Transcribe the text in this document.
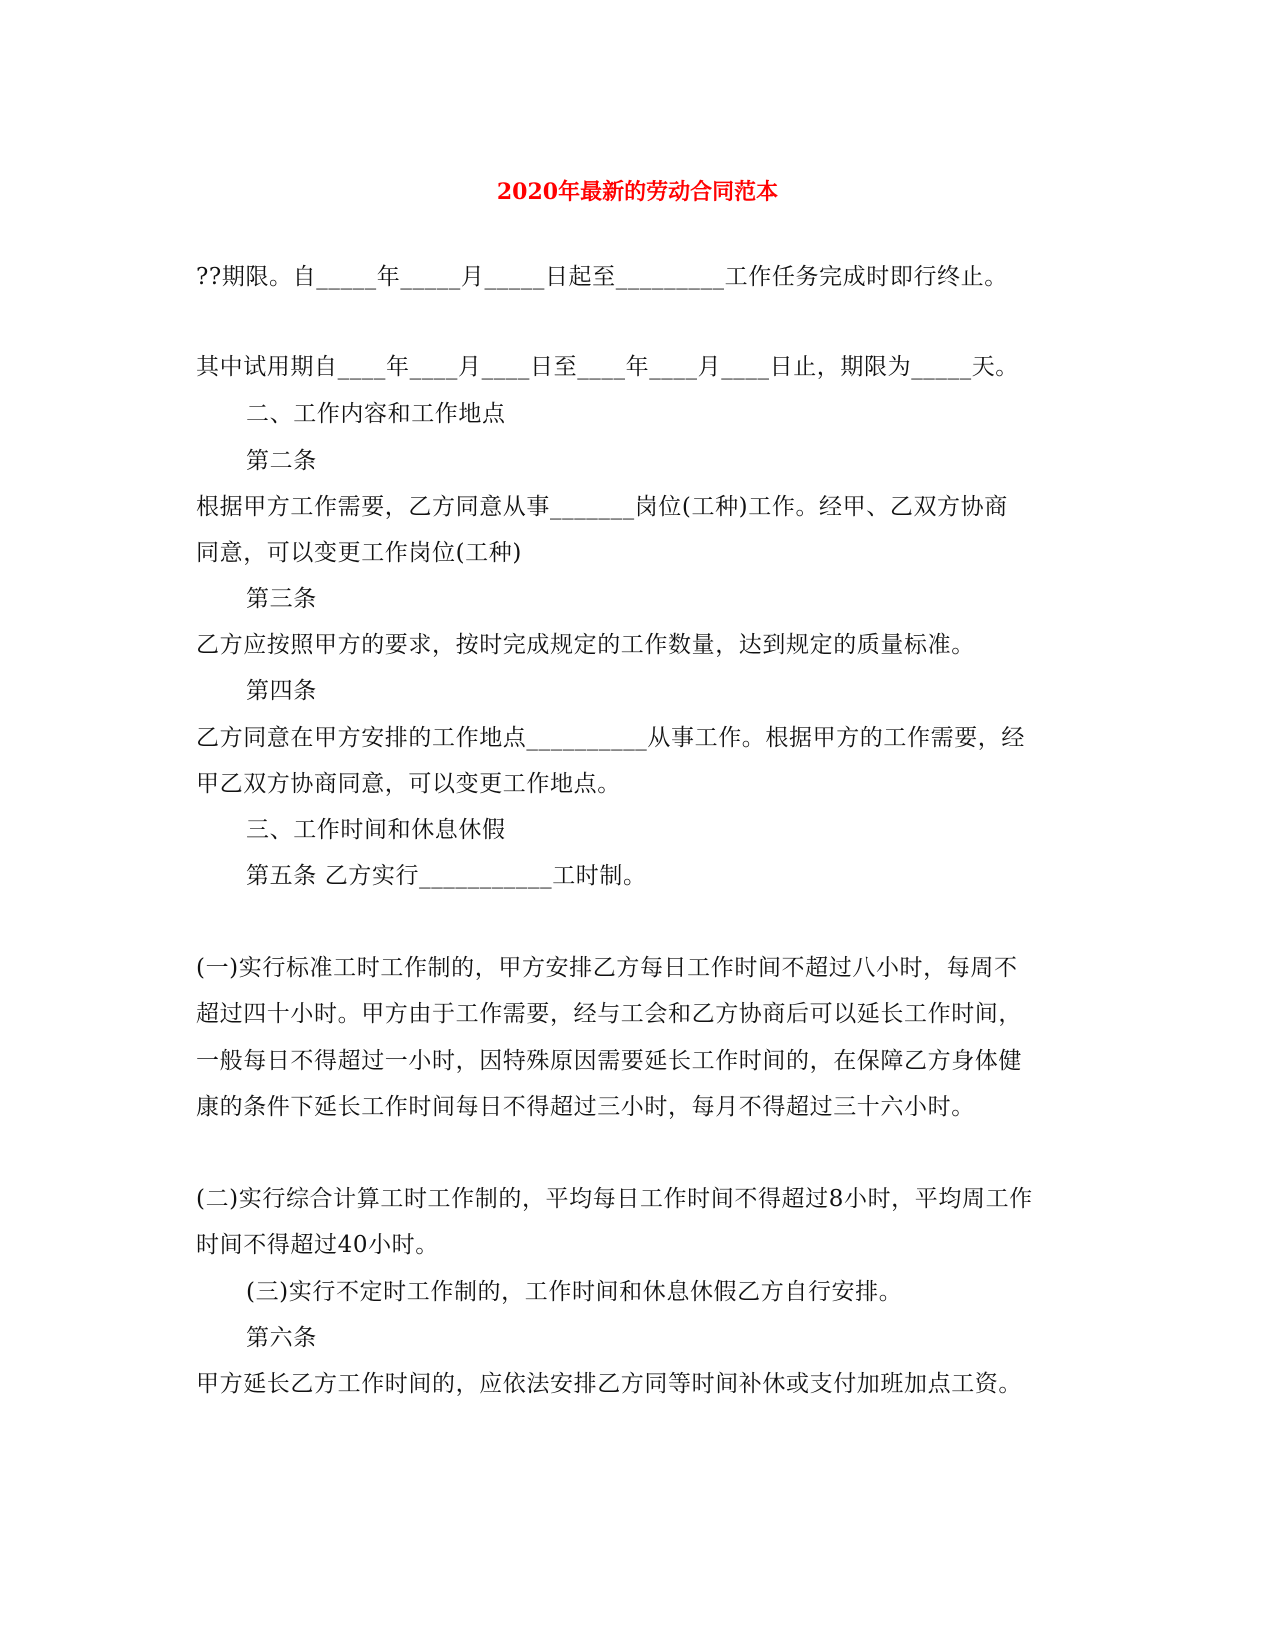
2020年最新的劳动合同范本
??期限。自_____年_____月_____日起至_________工作任务完成时即行终止。
其中试用期自____年____月____日至____年____月____日止，期限为_____天。
二、工作内容和工作地点
第二条
根据甲方工作需要，乙方同意从事_______岗位(工种)工作。经甲、乙双方协商
同意，可以变更工作岗位(工种)
第三条
乙方应按照甲方的要求，按时完成规定的工作数量，达到规定的质量标准。
第四条
乙方同意在甲方安排的工作地点__________从事工作。根据甲方的工作需要，经
甲乙双方协商同意，可以变更工作地点。
三、工作时间和休息休假
第五条 乙方实行___________工时制。
(一)实行标准工时工作制的，甲方安排乙方每日工作时间不超过八小时，每周不
超过四十小时。甲方由于工作需要，经与工会和乙方协商后可以延长工作时间，
一般每日不得超过一小时，因特殊原因需要延长工作时间的，在保障乙方身体健
康的条件下延长工作时间每日不得超过三小时，每月不得超过三十六小时。
(二)实行综合计算工时工作制的，平均每日工作时间不得超过8小时，平均周工作
时间不得超过40小时。
(三)实行不定时工作制的，工作时间和休息休假乙方自行安排。
第六条
甲方延长乙方工作时间的，应依法安排乙方同等时间补休或支付加班加点工资。
